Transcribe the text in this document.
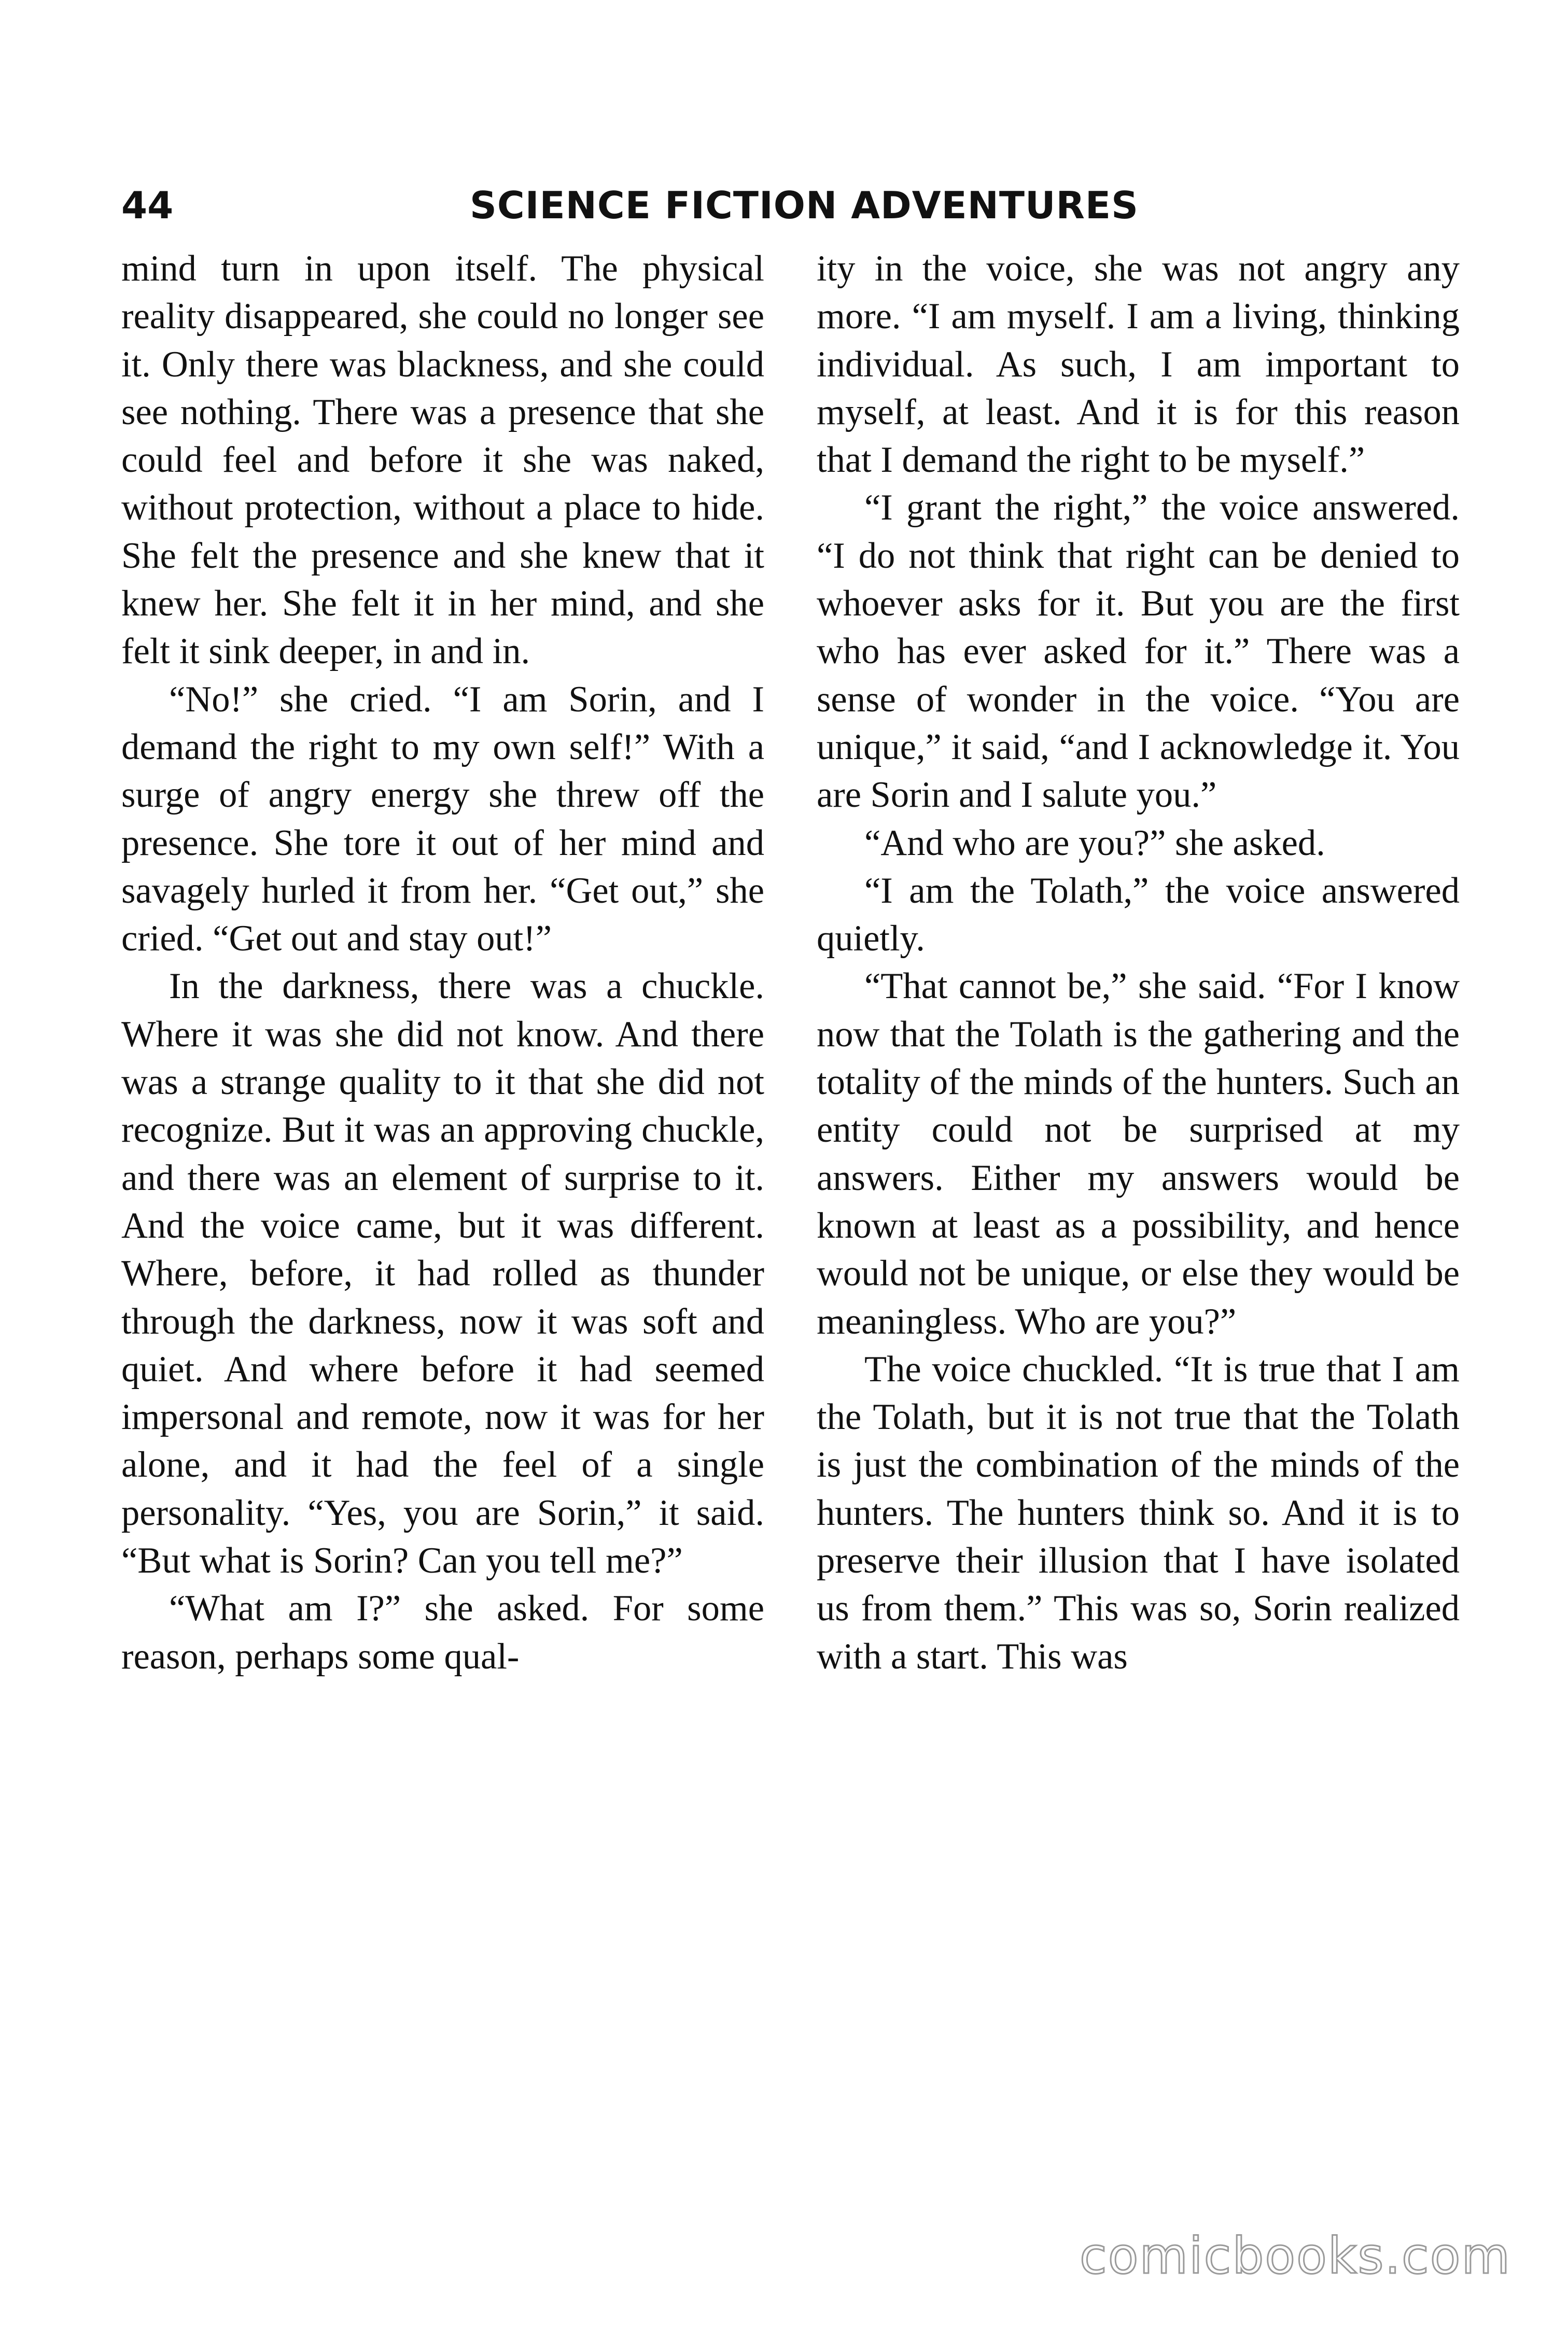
44	SCIENCE FICTION ADVENTURES

mind turn in upon itself. The physical reality disappeared, she could no longer see it. Only there was blackness, and she could see nothing. There was a presence that she could feel and before it she was naked, without protection, without a place to hide. She felt the presence and she knew that it knew her. She felt it in her mind, and she felt it sink deeper, in and in.

“No!” she cried. “I am Sorin, and I demand the right to my own self!” With a surge of angry energy she threw off the presence. She tore it out of her mind and savagely hurled it from her. “Get out,” she cried. “Get out and stay out!”

In the darkness, there was a chuckle. Where it was she did not know. And there was a strange quality to it that she did not recognize. But it was an approving chuckle, and there was an element of surprise to it. And the voice came, but it was different. Where, before, it had rolled as thunder through the darkness, now it was soft and quiet. And where before it had seemed impersonal and remote, now it was for her alone, and it had the feel of a single personality. “Yes, you are Sorin,” it said. “But what is Sorin? Can you tell me?”

“What am I?” she asked. For some reason, perhaps some qual-

ity in the voice, she was not angry any more. “I am myself. I am a living, thinking individual. As such, I am important to myself, at least. And it is for this reason that I demand the right to be myself.”

“I grant the right,” the voice answered. “I do not think that right can be denied to whoever asks for it. But you are the first who has ever asked for it.” There was a sense of wonder in the voice. “You are unique,” it said, “and I acknowledge it. You are Sorin and I salute you.”

“And who are you?” she asked.

“I am the Tolath,” the voice answered quietly.

“That cannot be,” she said. “For I know now that the Tolath is the gathering and the totality of the minds of the hunters. Such an entity could not be surprised at my answers. Either my answers would be known at least as a possibility, and hence would not be unique, or else they would be meaningless. Who are you?”

The voice chuckled. “It is true that I am the Tolath, but it is not true that the Tolath is just the combination of the minds of the hunters. The hunters think so. And it is to preserve their illusion that I have isolated us from them.” This was so, Sorin realized with a start. This was

comicbooks.com
